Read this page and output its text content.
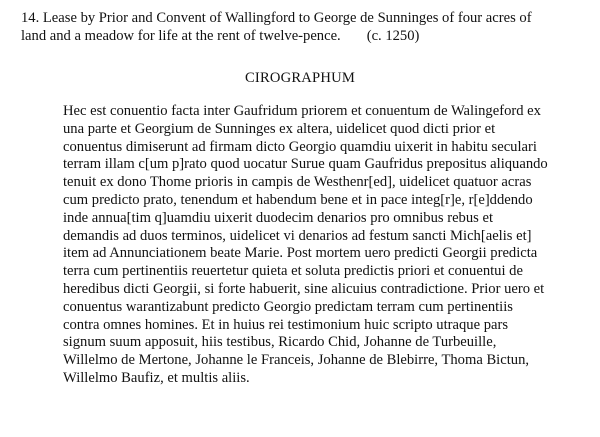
14. Lease by Prior and Convent of Wallingford to George de Sunninges of four acres of
land and a meadow for life at the rent of twelve-pence. (c. 1250)

CIROGRAPHUM

Hec est conuentio facta inter Gaufridum priorem et conuentum de Walingeford ex
una parte et Georgium de Sunninges ex altera, uidelicet quod dicti prior et
conuentus dimiserunt ad firmam dicto Georgio quamdiu uixerit in habitu seculari
terram illam c[um p]rato quod uocatur Surue quam Gaufridus prepositus aliquando
tenuit ex dono Thome prioris in campis de Westhenr[ed], uidelicet quatuor acras
cum predicto prato, tenendum et habendum bene et in pace integ[r]e, r[e]ddendo
inde annua[tim q]uamdiu uixerit duodecim denarios pro omnibus rebus et
demandis ad duos terminos, uidelicet vi denarios ad festum sancti Mich[aelis et]
item ad Annunciationem beate Marie. Post mortem uero predicti Georgii predicta
terra cum pertinentiis reuertetur quieta et soluta predictis priori et conuentui de
heredibus dicti Georgii, si forte habuerit, sine alicuius contradictione. Prior uero et
conuentus warantizabunt predicto Georgio predictam terram cum pertinentiis
contra omnes homines. Et in huius rei testimonium huic scripto utraque pars
signum suum apposuit, hiis testibus, Ricardo Chid, Johanne de Turbeuille,
Willelmo de Mertone, Johanne le Franceis, Johanne de Blebirre, Thoma Bictun,
Willelmo Baufiz, et multis aliis.
